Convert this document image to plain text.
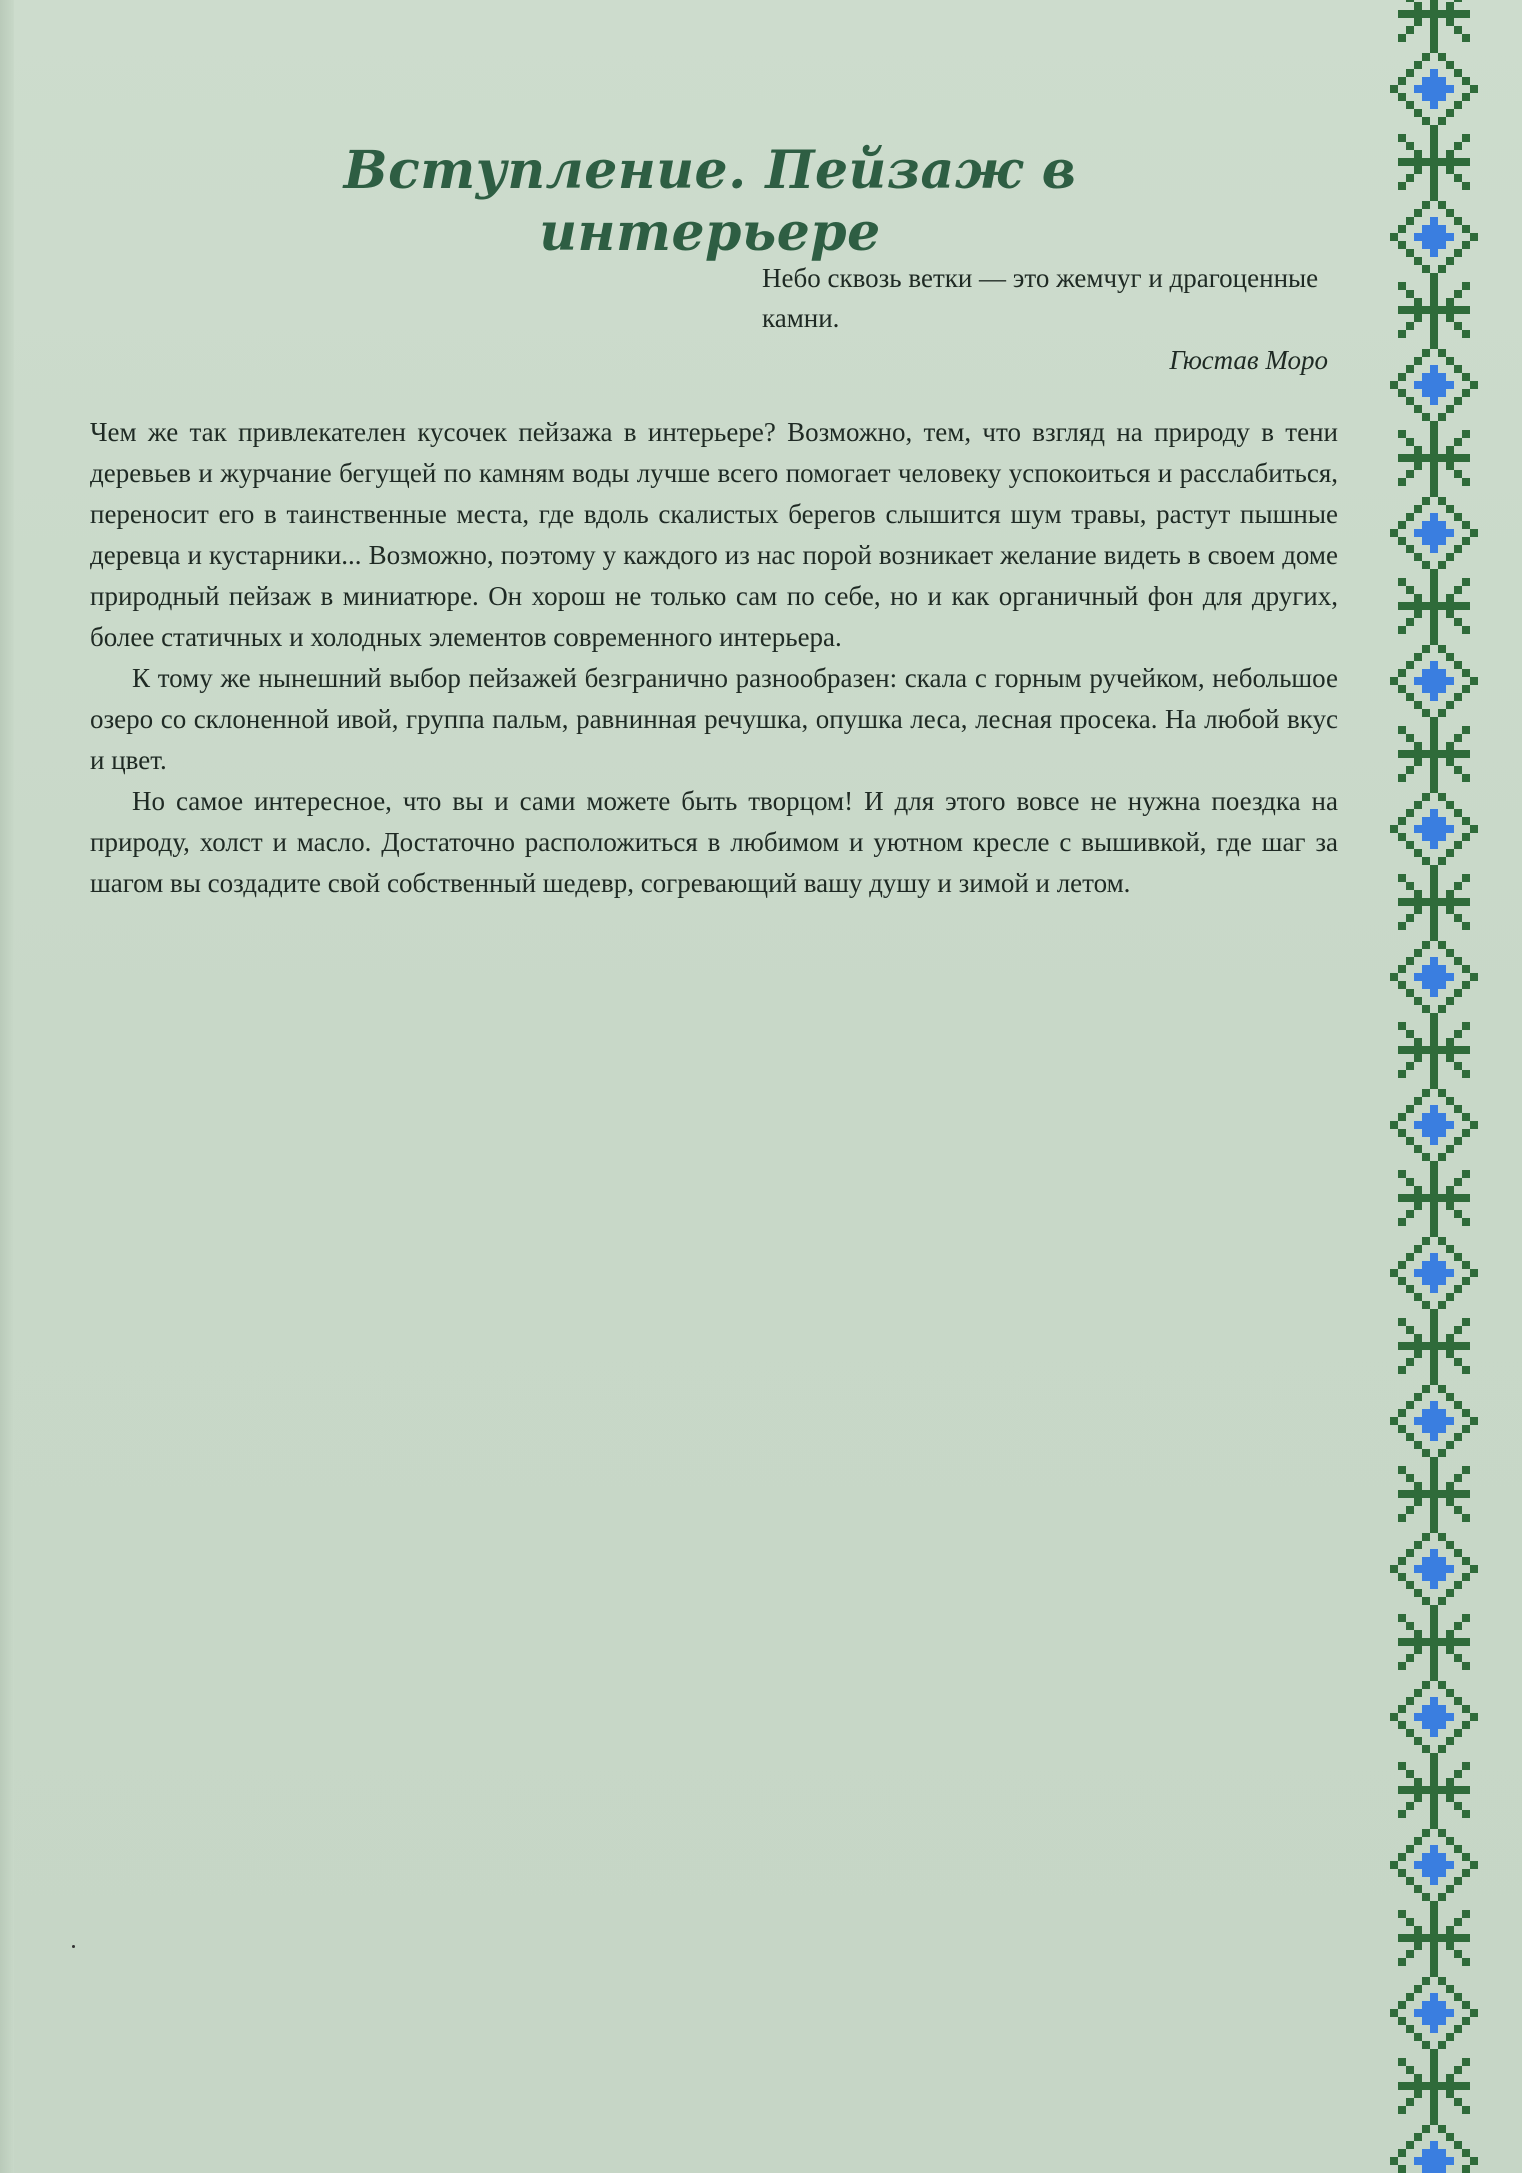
Вступление. Пейзаж в интерьере

Небо сквозь ветки — это жемчуг и драгоценные камни.

Гюстав Моро

Чем же так привлекателен кусочек пейзажа в интерьере? Возможно, тем, что взгляд на природу в тени деревьев и журчание бегущей по камням воды лучше всего помогает человеку успокоиться и расслабиться, переносит его в таинственные места, где вдоль скалистых берегов слышится шум травы, растут пышные деревца и кустарники... Возможно, поэтому у каждого из нас порой возникает желание видеть в своем доме природный пейзаж в миниатюре. Он хорош не только сам по себе, но и как органичный фон для других, более статичных и холодных элементов современного интерьера.

К тому же нынешний выбор пейзажей безгранично разнообразен: скала с горным ручейком, небольшое озеро со склоненной ивой, группа пальм, равнинная речушка, опушка леса, лесная просека. На любой вкус и цвет.

Но самое интересное, что вы и сами можете быть творцом! И для этого вовсе не нужна поездка на природу, холст и масло. Достаточно расположиться в любимом и уютном кресле с вышивкой, где шаг за шагом вы создадите свой собственный шедевр, согревающий вашу душу и зимой и летом.
